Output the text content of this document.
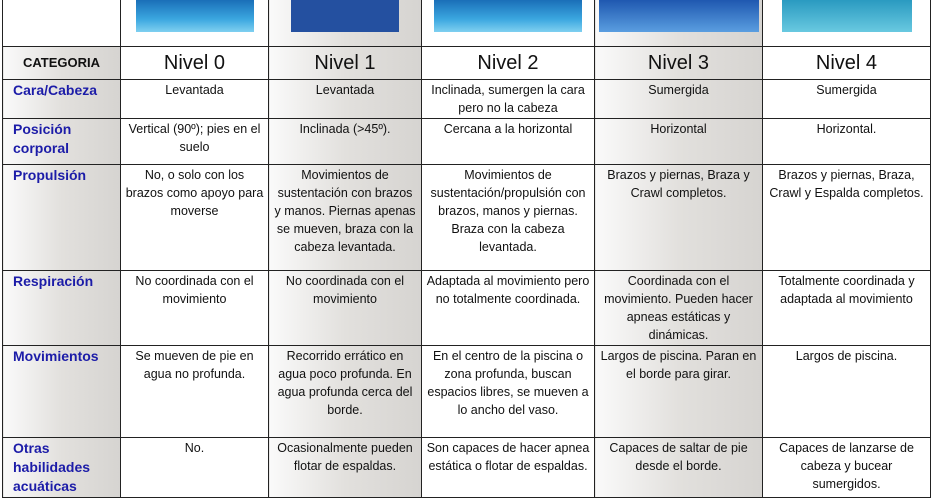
CATEGORIA	Nivel 0	Nivel 1	Nivel 2	Nivel 3	Nivel 4
Cara/Cabeza	Levantada	Levantada	Inclinada, sumergen la cara pero no la cabeza	Sumergida	Sumergida
Posición corporal	Vertical (90º); pies en el suelo	Inclinada (>45º).	Cercana a la horizontal	Horizontal	Horizontal.
Propulsión	No, o solo con los brazos como apoyo para moverse	Movimientos de sustentación con brazos y manos. Piernas apenas se mueven, braza con la cabeza levantada.	Movimientos de sustentación/propulsión con brazos, manos y piernas. Braza con la cabeza levantada.	Brazos y piernas, Braza y Crawl completos.	Brazos y piernas, Braza, Crawl y Espalda completos.
Respiración	No coordinada con el movimiento	No coordinada con el movimiento	Adaptada al movimiento pero no totalmente coordinada.	Coordinada con el movimiento. Pueden hacer apneas estáticas y dinámicas.	Totalmente coordinada y adaptada al movimiento
Movimientos	Se mueven de pie en agua no profunda.	Recorrido errático en agua poco profunda. En agua profunda cerca del borde.	En el centro de la piscina o zona profunda, buscan espacios libres, se mueven a lo ancho del vaso.	Largos de piscina. Paran en el borde para girar.	Largos de piscina.
Otras habilidades acuáticas	No.	Ocasionalmente pueden flotar de espaldas.	Son capaces de hacer apnea estática o flotar de espaldas.	Capaces de saltar de pie desde el borde.	Capaces de lanzarse de cabeza y bucear sumergidos.
